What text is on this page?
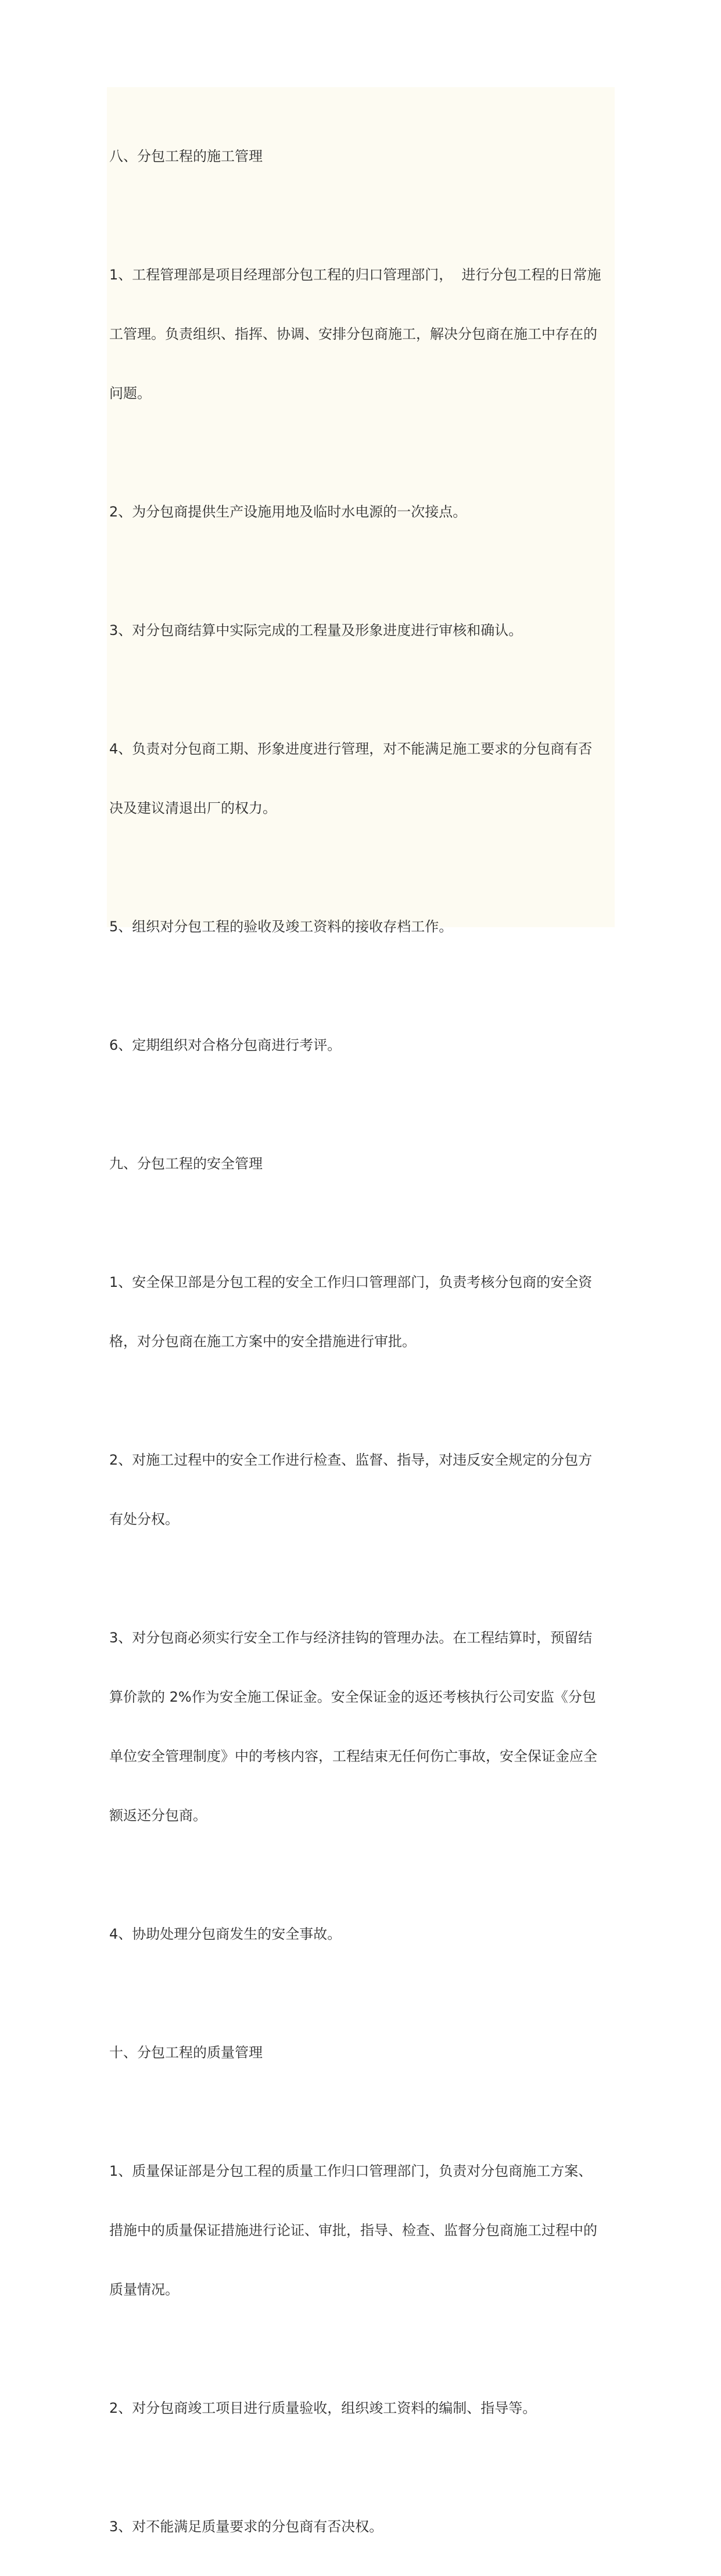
八、分包工程的施工管理

1、工程管理部是项目经理部分包工程的归口管理部门，  进行分包工程的日常施

工管理。负责组织、指挥、协调、安排分包商施工，解决分包商在施工中存在的

问题。

2、为分包商提供生产设施用地及临时水电源的一次接点。

3、对分包商结算中实际完成的工程量及形象进度进行审核和确认。

4、负责对分包商工期、形象进度进行管理，对不能满足施工要求的分包商有否

决及建议清退出厂的权力。

5、组织对分包工程的验收及竣工资料的接收存档工作。

6、定期组织对合格分包商进行考评。

九、分包工程的安全管理

1、安全保卫部是分包工程的安全工作归口管理部门，负责考核分包商的安全资

格，对分包商在施工方案中的安全措施进行审批。

2、对施工过程中的安全工作进行检查、监督、指导，对违反安全规定的分包方

有处分权。

3、对分包商必须实行安全工作与经济挂钩的管理办法。在工程结算时，预留结

算价款的 2%作为安全施工保证金。安全保证金的返还考核执行公司安监《分包

单位安全管理制度》中的考核内容，工程结束无任何伤亡事故，安全保证金应全

额返还分包商。

4、协助处理分包商发生的安全事故。

十、分包工程的质量管理

1、质量保证部是分包工程的质量工作归口管理部门，负责对分包商施工方案、

措施中的质量保证措施进行论证、审批，指导、检查、监督分包商施工过程中的

质量情况。

2、对分包商竣工项目进行质量验收，组织竣工资料的编制、指导等。

3、对不能满足质量要求的分包商有否决权。
